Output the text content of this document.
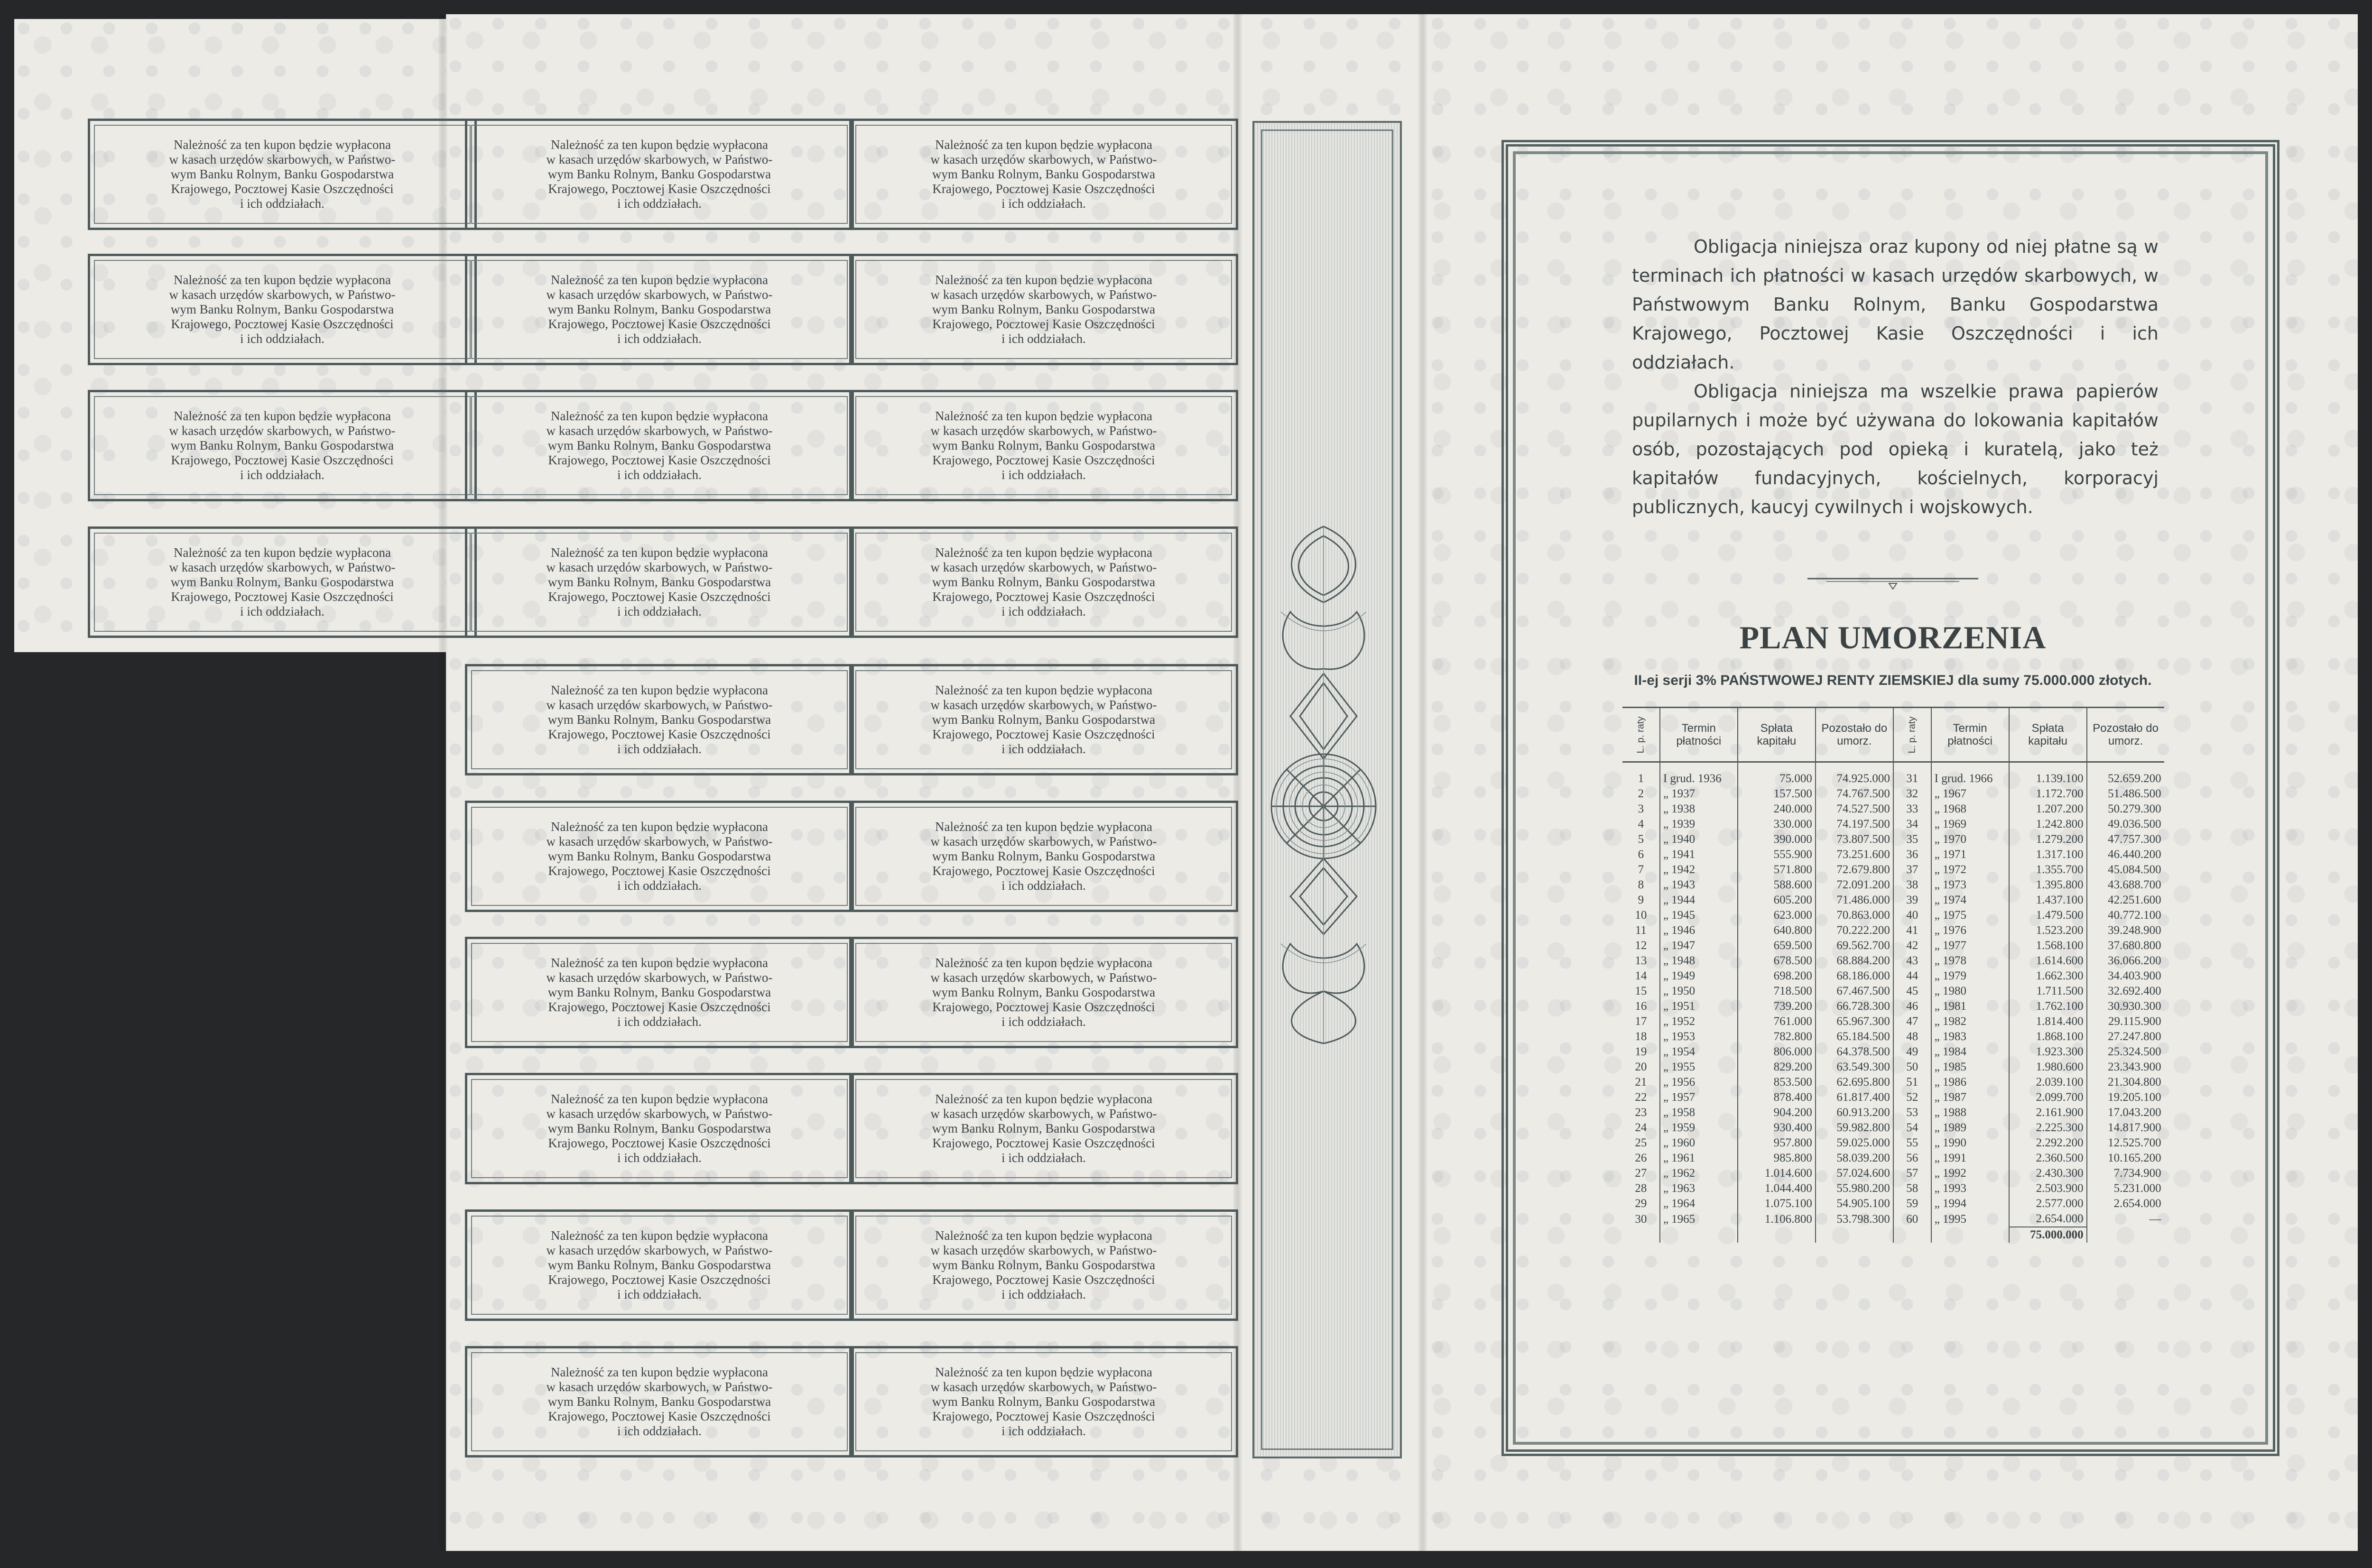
Należność za ten kupon będzie wypłacona
w kasach urzędów skarbowych, w Państwo-
wym Banku Rolnym, Banku Gospodarstwa
Krajowego, Pocztowej Kasie Oszczędności
i ich oddziałach.
Należność za ten kupon będzie wypłacona
w kasach urzędów skarbowych, w Państwo-
wym Banku Rolnym, Banku Gospodarstwa
Krajowego, Pocztowej Kasie Oszczędności
i ich oddziałach.
Należność za ten kupon będzie wypłacona
w kasach urzędów skarbowych, w Państwo-
wym Banku Rolnym, Banku Gospodarstwa
Krajowego, Pocztowej Kasie Oszczędności
i ich oddziałach.
Należność za ten kupon będzie wypłacona
w kasach urzędów skarbowych, w Państwo-
wym Banku Rolnym, Banku Gospodarstwa
Krajowego, Pocztowej Kasie Oszczędności
i ich oddziałach.
Należność za ten kupon będzie wypłacona
w kasach urzędów skarbowych, w Państwo-
wym Banku Rolnym, Banku Gospodarstwa
Krajowego, Pocztowej Kasie Oszczędności
i ich oddziałach.
Należność za ten kupon będzie wypłacona
w kasach urzędów skarbowych, w Państwo-
wym Banku Rolnym, Banku Gospodarstwa
Krajowego, Pocztowej Kasie Oszczędności
i ich oddziałach.
Należność za ten kupon będzie wypłacona
w kasach urzędów skarbowych, w Państwo-
wym Banku Rolnym, Banku Gospodarstwa
Krajowego, Pocztowej Kasie Oszczędności
i ich oddziałach.
Należność za ten kupon będzie wypłacona
w kasach urzędów skarbowych, w Państwo-
wym Banku Rolnym, Banku Gospodarstwa
Krajowego, Pocztowej Kasie Oszczędności
i ich oddziałach.
Należność za ten kupon będzie wypłacona
w kasach urzędów skarbowych, w Państwo-
wym Banku Rolnym, Banku Gospodarstwa
Krajowego, Pocztowej Kasie Oszczędności
i ich oddziałach.
Należność za ten kupon będzie wypłacona
w kasach urzędów skarbowych, w Państwo-
wym Banku Rolnym, Banku Gospodarstwa
Krajowego, Pocztowej Kasie Oszczędności
i ich oddziałach.
Należność za ten kupon będzie wypłacona
w kasach urzędów skarbowych, w Państwo-
wym Banku Rolnym, Banku Gospodarstwa
Krajowego, Pocztowej Kasie Oszczędności
i ich oddziałach.
Należność za ten kupon będzie wypłacona
w kasach urzędów skarbowych, w Państwo-
wym Banku Rolnym, Banku Gospodarstwa
Krajowego, Pocztowej Kasie Oszczędności
i ich oddziałach.
Należność za ten kupon będzie wypłacona
w kasach urzędów skarbowych, w Państwo-
wym Banku Rolnym, Banku Gospodarstwa
Krajowego, Pocztowej Kasie Oszczędności
i ich oddziałach.
Należność za ten kupon będzie wypłacona
w kasach urzędów skarbowych, w Państwo-
wym Banku Rolnym, Banku Gospodarstwa
Krajowego, Pocztowej Kasie Oszczędności
i ich oddziałach.
Należność za ten kupon będzie wypłacona
w kasach urzędów skarbowych, w Państwo-
wym Banku Rolnym, Banku Gospodarstwa
Krajowego, Pocztowej Kasie Oszczędności
i ich oddziałach.
Należność za ten kupon będzie wypłacona
w kasach urzędów skarbowych, w Państwo-
wym Banku Rolnym, Banku Gospodarstwa
Krajowego, Pocztowej Kasie Oszczędności
i ich oddziałach.
Należność za ten kupon będzie wypłacona
w kasach urzędów skarbowych, w Państwo-
wym Banku Rolnym, Banku Gospodarstwa
Krajowego, Pocztowej Kasie Oszczędności
i ich oddziałach.
Należność za ten kupon będzie wypłacona
w kasach urzędów skarbowych, w Państwo-
wym Banku Rolnym, Banku Gospodarstwa
Krajowego, Pocztowej Kasie Oszczędności
i ich oddziałach.
Należność za ten kupon będzie wypłacona
w kasach urzędów skarbowych, w Państwo-
wym Banku Rolnym, Banku Gospodarstwa
Krajowego, Pocztowej Kasie Oszczędności
i ich oddziałach.
Należność za ten kupon będzie wypłacona
w kasach urzędów skarbowych, w Państwo-
wym Banku Rolnym, Banku Gospodarstwa
Krajowego, Pocztowej Kasie Oszczędności
i ich oddziałach.
Należność za ten kupon będzie wypłacona
w kasach urzędów skarbowych, w Państwo-
wym Banku Rolnym, Banku Gospodarstwa
Krajowego, Pocztowej Kasie Oszczędności
i ich oddziałach.
Należność za ten kupon będzie wypłacona
w kasach urzędów skarbowych, w Państwo-
wym Banku Rolnym, Banku Gospodarstwa
Krajowego, Pocztowej Kasie Oszczędności
i ich oddziałach.
Należność za ten kupon będzie wypłacona
w kasach urzędów skarbowych, w Państwo-
wym Banku Rolnym, Banku Gospodarstwa
Krajowego, Pocztowej Kasie Oszczędności
i ich oddziałach.
Należność za ten kupon będzie wypłacona
w kasach urzędów skarbowych, w Państwo-
wym Banku Rolnym, Banku Gospodarstwa
Krajowego, Pocztowej Kasie Oszczędności
i ich oddziałach.

Obligacja niniejsza oraz kupony od niej płatne są w terminach ich płatności w kasach urzędów skarbowych, w Państwowym Banku Rolnym, Banku Gospodarstwa Krajowego, Pocztowej Kasie Oszczędności i ich oddziałach.

Obligacja niniejsza ma wszelkie prawa papierów pupilarnych i może być używana do lokowania kapitałów osób, pozostających pod opieką i kuratelą, jako też kapitałów fundacyjnych, kościelnych, korporacyj publicznych, kaucyj cywilnych i wojskowych.

PLAN UMORZENIA
II-ej serji 3% PAŃSTWOWEJ RENTY ZIEMSKIEJ dla sumy 75.000.000 złotych.
L. p. raty	Termin płatności	Spłata kapitału	Pozostało do umorz.	L. p. raty	Termin płatności	Spłata kapitału	Pozostało do umorz.
1	I grud. 1936	75.000	74.925.000	31	I grud. 1966	1.139.100	52.659.200
2	„ 1937	157.500	74.767.500	32	„ 1967	1.172.700	51.486.500
3	„ 1938	240.000	74.527.500	33	„ 1968	1.207.200	50.279.300
4	„ 1939	330.000	74.197.500	34	„ 1969	1.242.800	49.036.500
5	„ 1940	390.000	73.807.500	35	„ 1970	1.279.200	47.757.300
6	„ 1941	555.900	73.251.600	36	„ 1971	1.317.100	46.440.200
7	„ 1942	571.800	72.679.800	37	„ 1972	1.355.700	45.084.500
8	„ 1943	588.600	72.091.200	38	„ 1973	1.395.800	43.688.700
9	„ 1944	605.200	71.486.000	39	„ 1974	1.437.100	42.251.600
10	„ 1945	623.000	70.863.000	40	„ 1975	1.479.500	40.772.100
11	„ 1946	640.800	70.222.200	41	„ 1976	1.523.200	39.248.900
12	„ 1947	659.500	69.562.700	42	„ 1977	1.568.100	37.680.800
13	„ 1948	678.500	68.884.200	43	„ 1978	1.614.600	36.066.200
14	„ 1949	698.200	68.186.000	44	„ 1979	1.662.300	34.403.900
15	„ 1950	718.500	67.467.500	45	„ 1980	1.711.500	32.692.400
16	„ 1951	739.200	66.728.300	46	„ 1981	1.762.100	30.930.300
17	„ 1952	761.000	65.967.300	47	„ 1982	1.814.400	29.115.900
18	„ 1953	782.800	65.184.500	48	„ 1983	1.868.100	27.247.800
19	„ 1954	806.000	64.378.500	49	„ 1984	1.923.300	25.324.500
20	„ 1955	829.200	63.549.300	50	„ 1985	1.980.600	23.343.900
21	„ 1956	853.500	62.695.800	51	„ 1986	2.039.100	21.304.800
22	„ 1957	878.400	61.817.400	52	„ 1987	2.099.700	19.205.100
23	„ 1958	904.200	60.913.200	53	„ 1988	2.161.900	17.043.200
24	„ 1959	930.400	59.982.800	54	„ 1989	2.225.300	14.817.900
25	„ 1960	957.800	59.025.000	55	„ 1990	2.292.200	12.525.700
26	„ 1961	985.800	58.039.200	56	„ 1991	2.360.500	10.165.200
27	„ 1962	1.014.600	57.024.600	57	„ 1992	2.430.300	7.734.900
28	„ 1963	1.044.400	55.980.200	58	„ 1993	2.503.900	5.231.000
29	„ 1964	1.075.100	54.905.100	59	„ 1994	2.577.000	2.654.000
30	„ 1965	1.106.800	53.798.300	60	„ 1995	2.654.000	—
						75.000.000	
